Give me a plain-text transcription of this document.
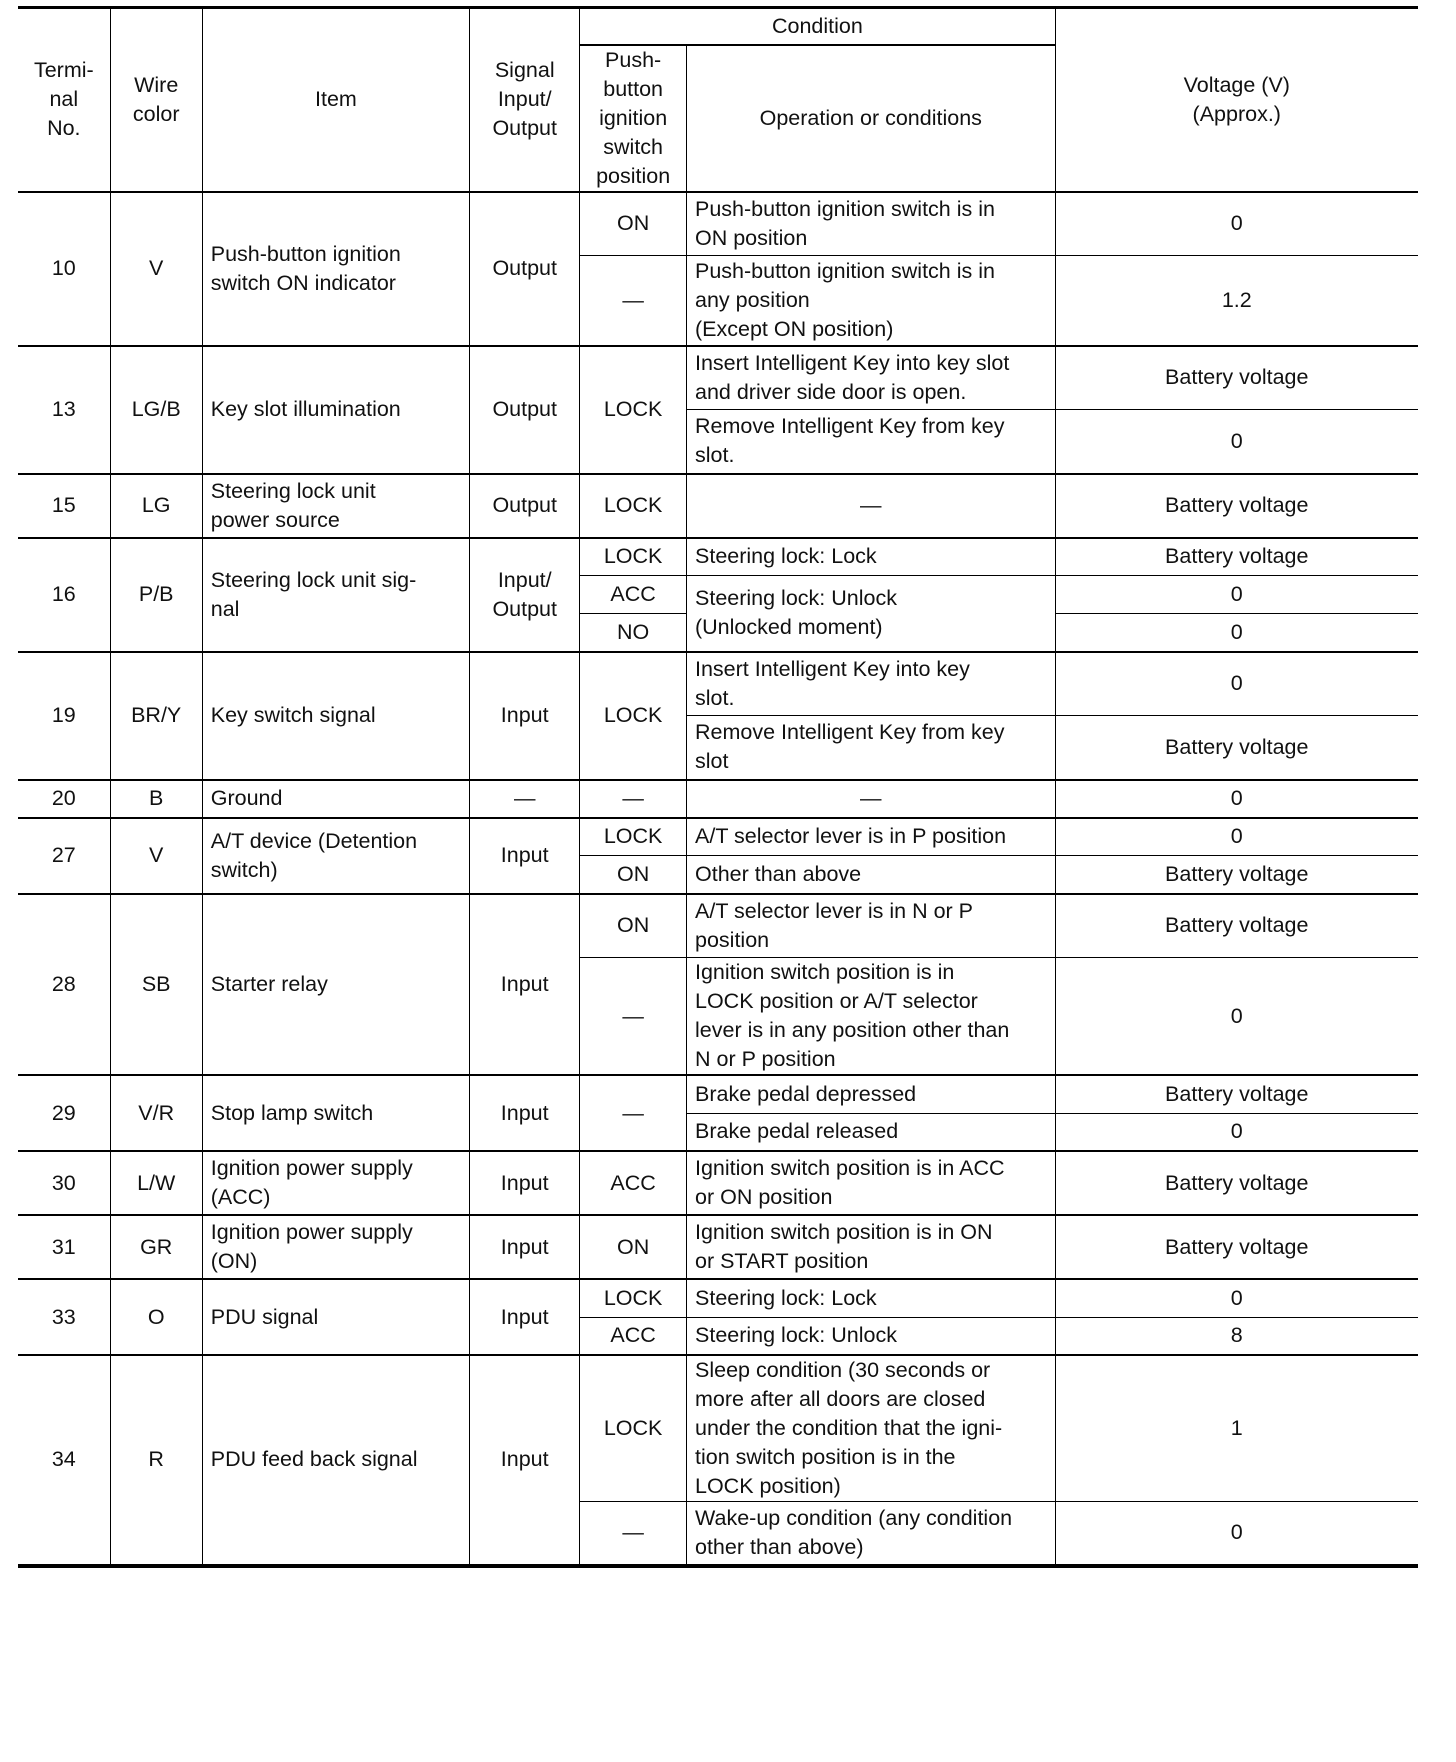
Termi-
nal
No.	Wire
color	Item	Signal
Input/
Output	Condition		Voltage (V)
(Approx.)
				Push-
button
ignition
switch
position	Operation or conditions	
10	V	Push-button ignition
switch ON indicator	Output	ON	Push-button ignition switch is in
ON position	0
				—	Push-button ignition switch is in
any position
(Except ON position)	1.2
13	LG/B	Key slot illumination	Output	LOCK	Insert Intelligent Key into key slot
and driver side door is open.	Battery voltage
					Remove Intelligent Key from key
slot.	0
15	LG	Steering lock unit
power source	Output	LOCK	—	Battery voltage
16	P/B	Steering lock unit sig-
nal	Input/
Output	LOCK	Steering lock: Lock	Battery voltage
				ACC	Steering lock: Unlock
(Unlocked moment)	0
				NO		0
19	BR/Y	Key switch signal	Input	LOCK	Insert Intelligent Key into key
slot.	0
					Remove Intelligent Key from key
slot	Battery voltage
20	B	Ground	—	—	—	0
27	V	A/T device (Detention
switch)	Input	LOCK	A/T selector lever is in P position	0
				ON	Other than above	Battery voltage
28	SB	Starter relay	Input	ON	A/T selector lever is in N or P
position	Battery voltage
				—	Ignition switch position is in
LOCK position or A/T selector
lever is in any position other than
N or P position	0
29	V/R	Stop lamp switch	Input	—	Brake pedal depressed	Battery voltage
					Brake pedal released	0
30	L/W	Ignition power supply
(ACC)	Input	ACC	Ignition switch position is in ACC
or ON position	Battery voltage
31	GR	Ignition power supply
(ON)	Input	ON	Ignition switch position is in ON
or START position	Battery voltage
33	O	PDU signal	Input	LOCK	Steering lock: Lock	0
				ACC	Steering lock: Unlock	8
34	R	PDU feed back signal	Input	LOCK	Sleep condition (30 seconds or
more after all doors are closed
under the condition that the igni-
tion switch position is in the
LOCK position)	1
				—	Wake-up condition (any condition
other than above)	0
